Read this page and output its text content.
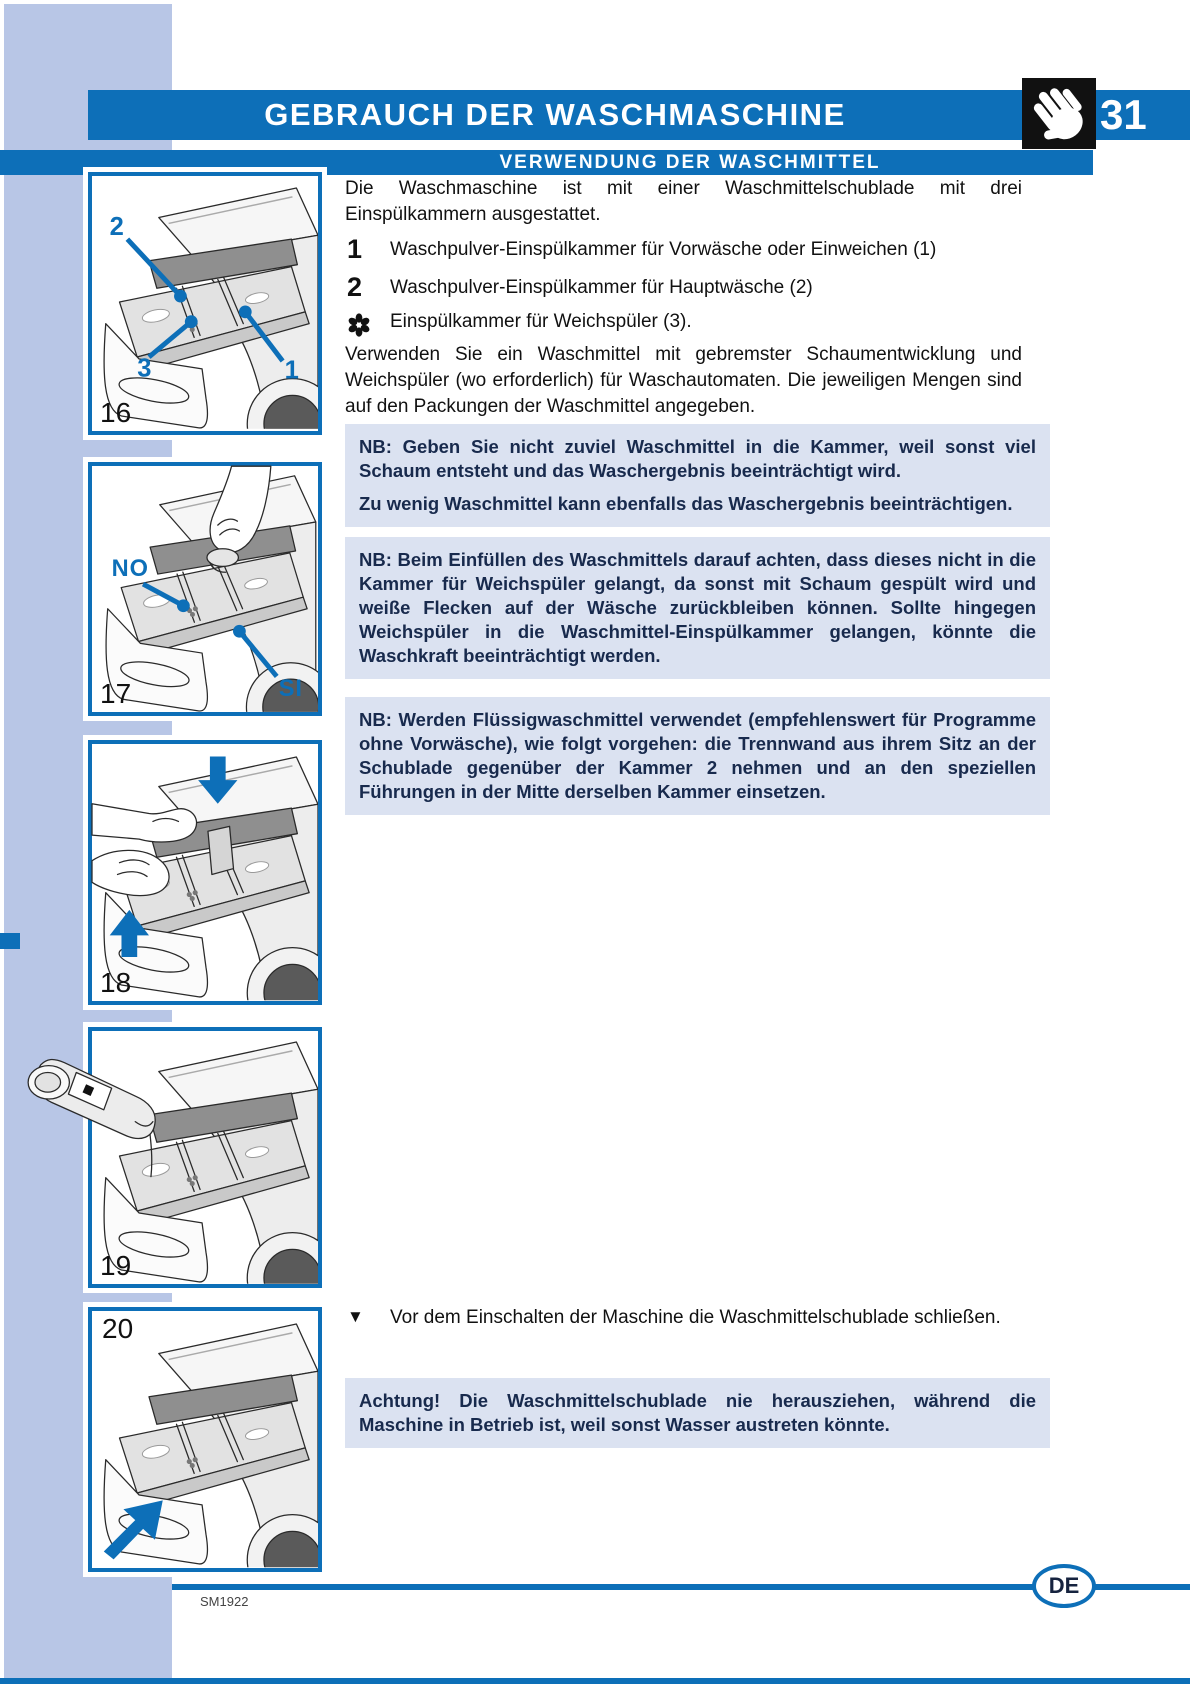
GEBRAUCH DER WASCHMASCHINE	31
VERWENDUNG DER WASCHMITTEL
2
3	1
16
NO
SI
17
18
19
20
Die Waschmaschine ist mit einer Waschmittelschublade mit drei Einspülkammern ausgestattet.
1 Waschpulver-Einspülkammer für Vorwäsche oder Einweichen (1)
2 Waschpulver-Einspülkammer für Hauptwäsche (2)
Einspülkammer für Weichspüler (3).
Verwenden Sie ein Waschmittel mit gebremster Schaumentwicklung und Weichspüler (wo erforderlich) für Waschautomaten. Die jeweiligen Mengen sind auf den Packungen der Waschmittel angegeben.

NB: Geben Sie nicht zuviel Waschmittel in die Kammer, weil sonst viel Schaum entsteht und das Waschergebnis beeinträchtigt wird.

Zu wenig Waschmittel kann ebenfalls das Waschergebnis beeinträchtigen.

NB: Beim Einfüllen des Waschmittels darauf achten, dass dieses nicht in die Kammer für Weichspüler gelangt, da sonst mit Schaum gespült wird und weiße Flecken auf der Wäsche zurückbleiben können. Sollte hingegen Weichspüler in die Waschmittel-Einspülkammer gelangen, könnte die Waschkraft beeinträchtigt werden.

NB: Werden Flüssigwaschmittel verwendet (empfehlenswert für Programme ohne Vorwäsche), wie folgt vorgehen: die Trennwand aus ihrem Sitz an der Schublade gegenüber der Kammer 2 nehmen und an den speziellen Führungen in der Mitte derselben Kammer einsetzen.

▼ Vor dem Einschalten der Maschine die Waschmittelschublade schließen.

Achtung! Die Waschmittelschublade nie herausziehen, während die Maschine in Betrieb ist, weil sonst Wasser austreten könnte.

DE
SM1922
